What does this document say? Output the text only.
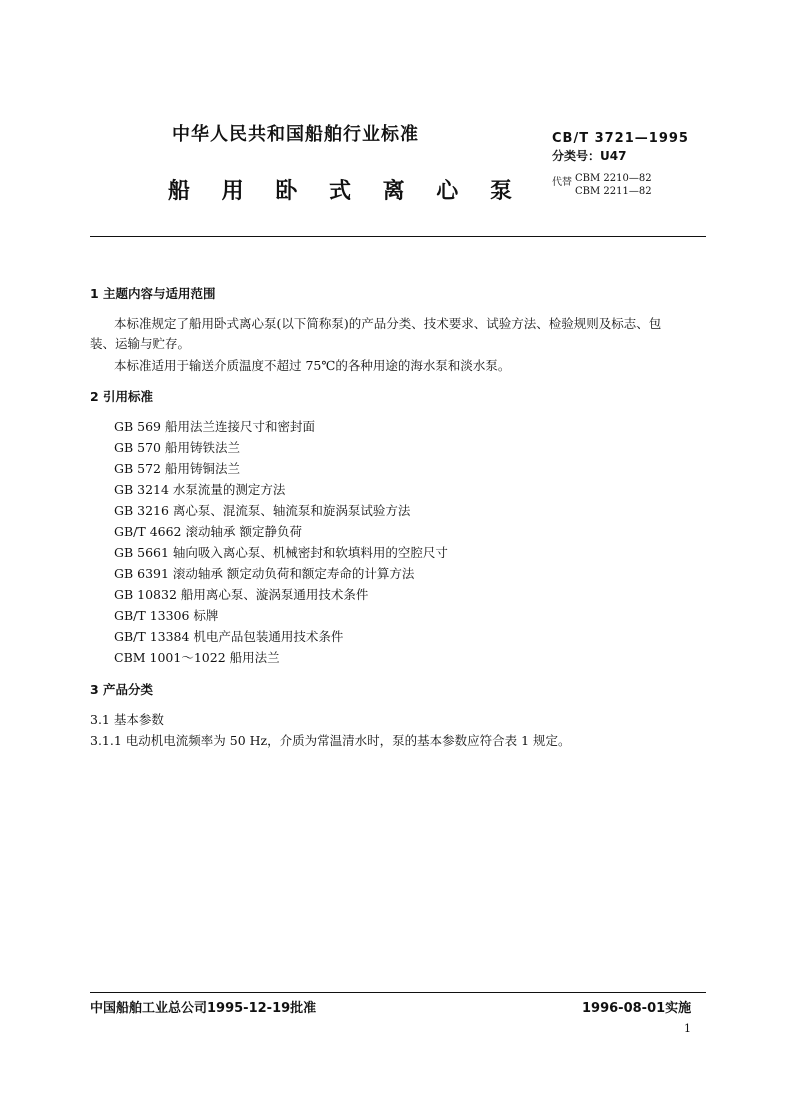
中华人民共和国船舶行业标准
船 用 卧 式 离 心 泵
CB/T 3721—1995
分类号：U47
代替 CBM 2210—82
CBM 2211—82
1 主题内容与适用范围
本标准规定了船用卧式离心泵(以下简称泵)的产品分类、技术要求、试验方法、检验规则及标志、包
装、运输与贮存。
本标准适用于输送介质温度不超过 75℃的各种用途的海水泵和淡水泵。
2 引用标准
GB 569 船用法兰连接尺寸和密封面
GB 570 船用铸铁法兰
GB 572 船用铸铜法兰
GB 3214 水泵流量的测定方法
GB 3216 离心泵、混流泵、轴流泵和旋涡泵试验方法
GB/T 4662 滚动轴承 额定静负荷
GB 5661 轴向吸入离心泵、机械密封和软填料用的空腔尺寸
GB 6391 滚动轴承 额定动负荷和额定寿命的计算方法
GB 10832 船用离心泵、漩涡泵通用技术条件
GB/T 13306 标牌
GB/T 13384 机电产品包装通用技术条件
CBM 1001～1022 船用法兰
3 产品分类
3.1 基本参数
3.1.1 电动机电流频率为 50 Hz，介质为常温清水时，泵的基本参数应符合表 1 规定。
中国船舶工业总公司1995-12-19批准	1996-08-01实施
1
